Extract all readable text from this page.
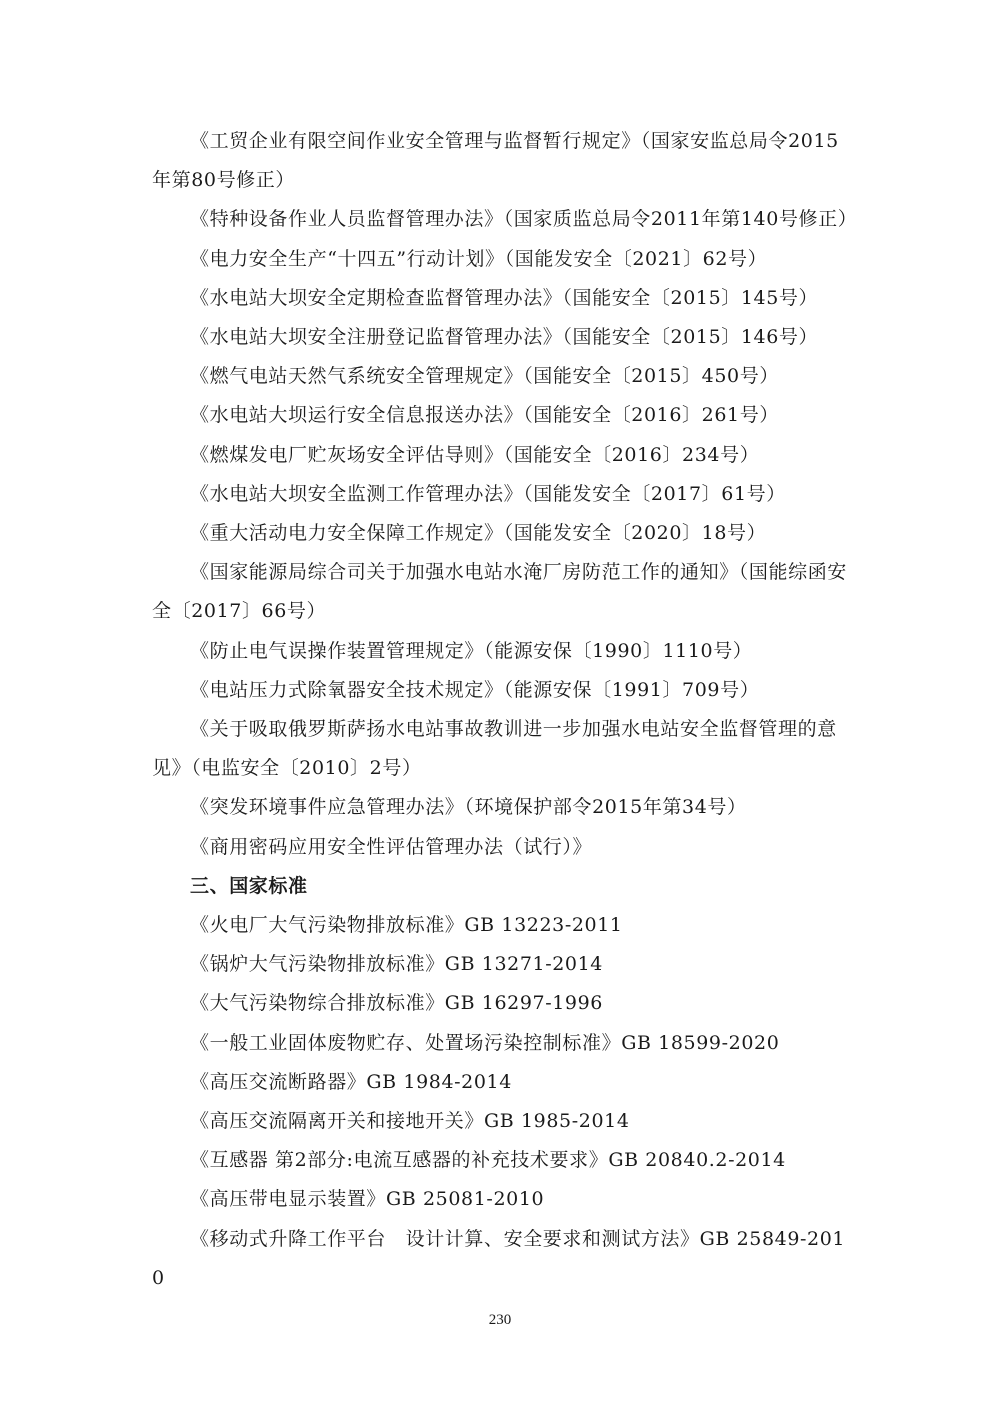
《工贸企业有限空间作业安全管理与监督暂行规定》（国家安监总局令2015年第80号修正）

《特种设备作业人员监督管理办法》（国家质监总局令2011年第140号修正）

《电力安全生产“十四五”行动计划》（国能发安全〔2021〕62号）

《水电站大坝安全定期检查监督管理办法》（国能安全〔2015〕145号）

《水电站大坝安全注册登记监督管理办法》（国能安全〔2015〕146号）

《燃气电站天然气系统安全管理规定》（国能安全〔2015〕450号）

《水电站大坝运行安全信息报送办法》（国能安全〔2016〕261号）

《燃煤发电厂贮灰场安全评估导则》（国能安全〔2016〕234号）

《水电站大坝安全监测工作管理办法》（国能发安全〔2017〕61号）

《重大活动电力安全保障工作规定》（国能发安全〔2020〕18号）

《国家能源局综合司关于加强水电站水淹厂房防范工作的通知》（国能综函安全〔2017〕66号）

《防止电气误操作装置管理规定》（能源安保〔1990〕1110号）

《电站压力式除氧器安全技术规定》（能源安保〔1991〕709号）

《关于吸取俄罗斯萨扬水电站事故教训进一步加强水电站安全监督管理的意见》（电监安全〔2010〕2号）

《突发环境事件应急管理办法》（环境保护部令2015年第34号）

《商用密码应用安全性评估管理办法（试行）》

三、国家标准

《火电厂大气污染物排放标准》GB 13223-2011

《锅炉大气污染物排放标准》GB 13271-2014

《大气污染物综合排放标准》GB 16297-1996

《一般工业固体废物贮存、处置场污染控制标准》GB 18599-2020

《高压交流断路器》GB 1984-2014

《高压交流隔离开关和接地开关》GB 1985-2014

《互感器 第2部分:电流互感器的补充技术要求》GB 20840.2-2014

《高压带电显示装置》GB 25081-2010

《移动式升降工作平台　设计计算、安全要求和测试方法》GB 25849-2010

230
